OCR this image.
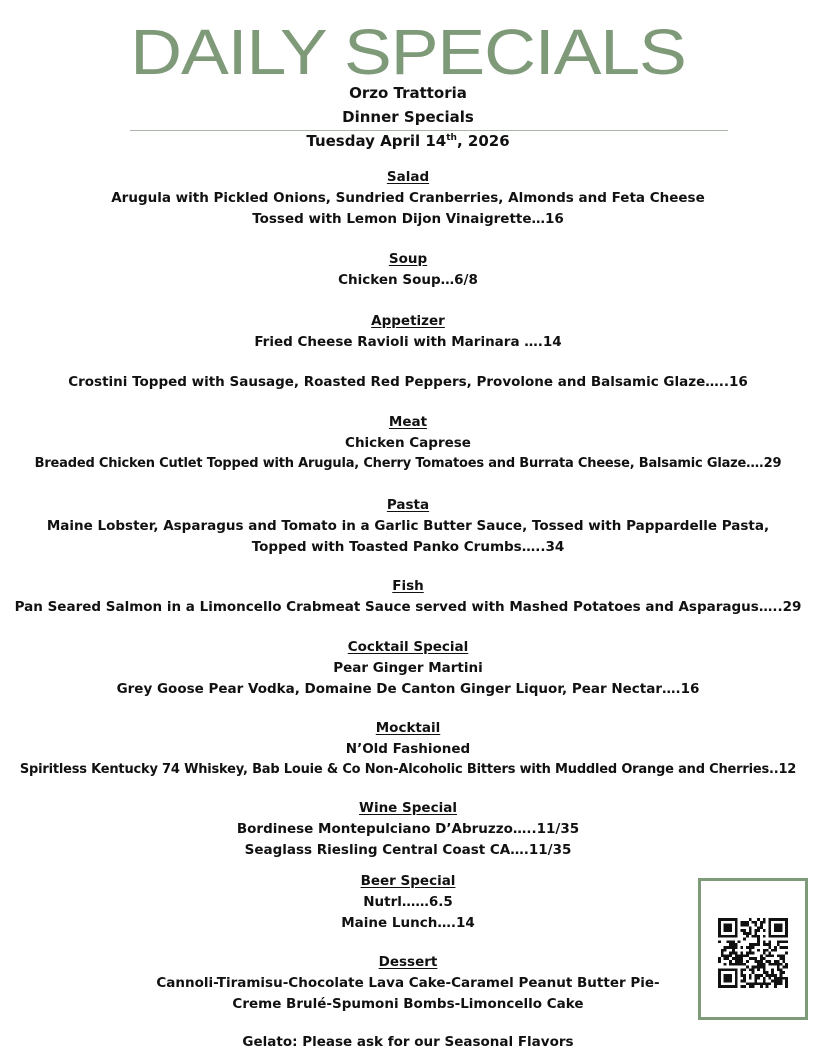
DAILY SPECIALS
Orzo Trattoria
Dinner Specials
Tuesday April 14th, 2026
Salad
Arugula with Pickled Onions, Sundried Cranberries, Almonds and Feta Cheese
Tossed with Lemon Dijon Vinaigrette…16
Soup
Chicken Soup…6/8
Appetizer
Fried Cheese Ravioli with Marinara ….14
Crostini Topped with Sausage, Roasted Red Peppers, Provolone and Balsamic Glaze…..16
Meat
Chicken Caprese
Breaded Chicken Cutlet Topped with Arugula, Cherry Tomatoes and Burrata Cheese, Balsamic Glaze….29
Pasta
Maine Lobster, Asparagus and Tomato in a Garlic Butter Sauce, Tossed with Pappardelle Pasta,
Topped with Toasted Panko Crumbs…..34
Fish
Pan Seared Salmon in a Limoncello Crabmeat Sauce served with Mashed Potatoes and Asparagus…..29
Cocktail Special
Pear Ginger Martini
Grey Goose Pear Vodka, Domaine De Canton Ginger Liquor, Pear Nectar….16
Mocktail
N’Old Fashioned
Spiritless Kentucky 74 Whiskey, Bab Louie & Co Non-Alcoholic Bitters with Muddled Orange and Cherries..12
Wine Special
Bordinese Montepulciano D’Abruzzo…..11/35
Seaglass Riesling Central Coast CA….11/35
Beer Special
Nutrl……6.5
Maine Lunch….14
Dessert
Cannoli-Tiramisu-Chocolate Lava Cake-Caramel Peanut Butter Pie-
Creme Brulé-Spumoni Bombs-Limoncello Cake
Gelato: Please ask for our Seasonal Flavors
